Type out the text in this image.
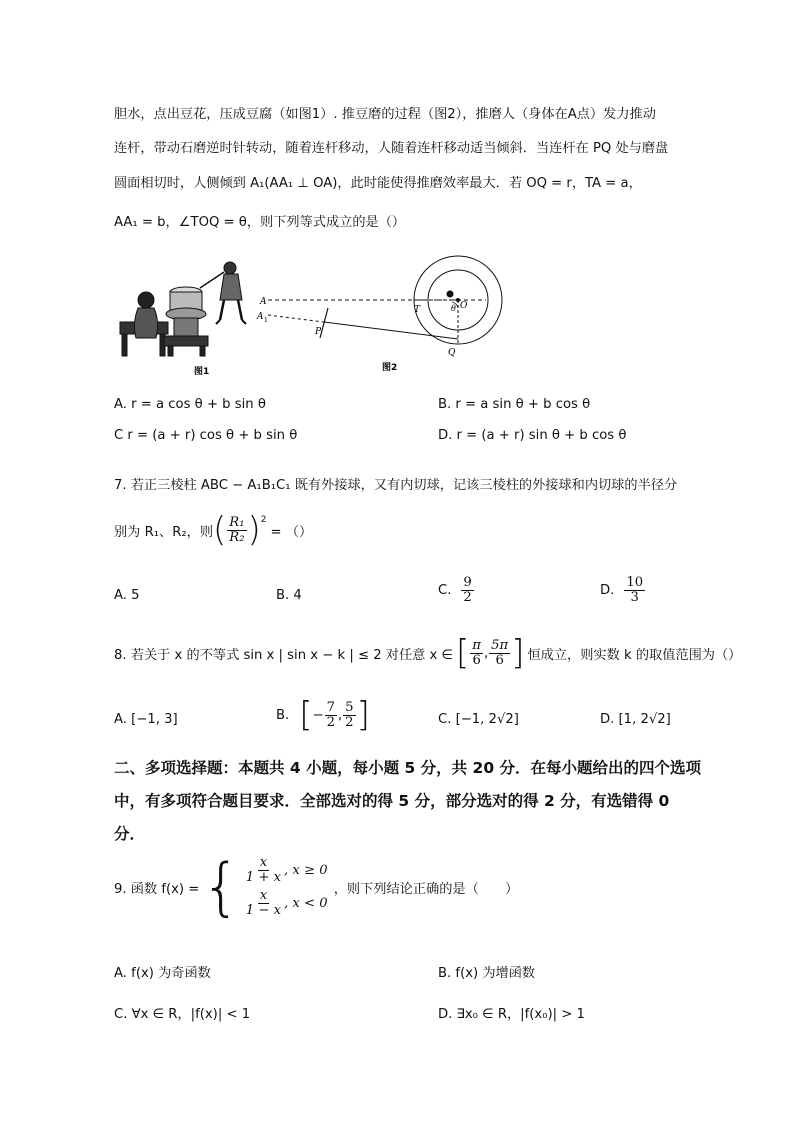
胆水，点出豆花，压成豆腐（如图1）. 推豆磨的过程（图2），推磨人（身体在A点）发力推动
连杆，带动石磨逆时针转动，随着连杆移动，人随着连杆移动适当倾斜．当连杆在 PQ 处与磨盘
圆面相切时，人侧倾到 A₁(AA₁ ⊥ OA)，此时能使得推磨效率最大．若 OQ = r，TA = a，
AA₁ = b，∠TOQ = θ，则下列等式成立的是（）
A
A 1
P
T	θ O
Q
图1	图2
A. r = a cos θ + b sin θ	B. r = a sin θ + b cos θ
C r = (a + r) cos θ + b sin θ	D. r = (a + r) sin θ + b cos θ
7. 若正三棱柱 ABC − A₁B₁C₁ 既有外接球，又有内切球，记该三棱柱的外接球和内切球的半径分
别为 R₁、R₂，则 ( $\frac{\text{R₁}}{\text{R₂}} )^2$
= （）
A. 5	B. 4	C. $\frac{9}{2}$	D. $\frac{10}{3}$
8. 若关于 x 的不等式 sin x | sin x − k | ≤ 2 对任意 x ∈ [ $\frac{\pi}{6}$ , $\frac{5\pi}{6}$ ] 恒成立，则实数 k 的取值范围为（）
A. [−1, 3]	B. [ − $\frac{7}{2}$ , $\frac{5}{2}$ ]	C. [−1, 2√2]	D. [1, 2√2]
二、多项选择题：本题共 4 小题，每小题 5 分，共 20 分．在每小题给出的四个选项
中，有多项符合题目要求．全部选对的得 5 分，部分选对的得 2 分，有选错得 0
分．
9. 函数 f(x) = { $\frac{x}{1 + x}$ , x ≥ 0
$\frac{x}{1 - x}$ , x < 0
，则下列结论正确的是（　　）
A. f(x) 为奇函数	B. f(x) 为增函数
C. ∀x ∈ R，|f(x)| < 1	D. ∃x₀ ∈ R，|f(x₀)| > 1
